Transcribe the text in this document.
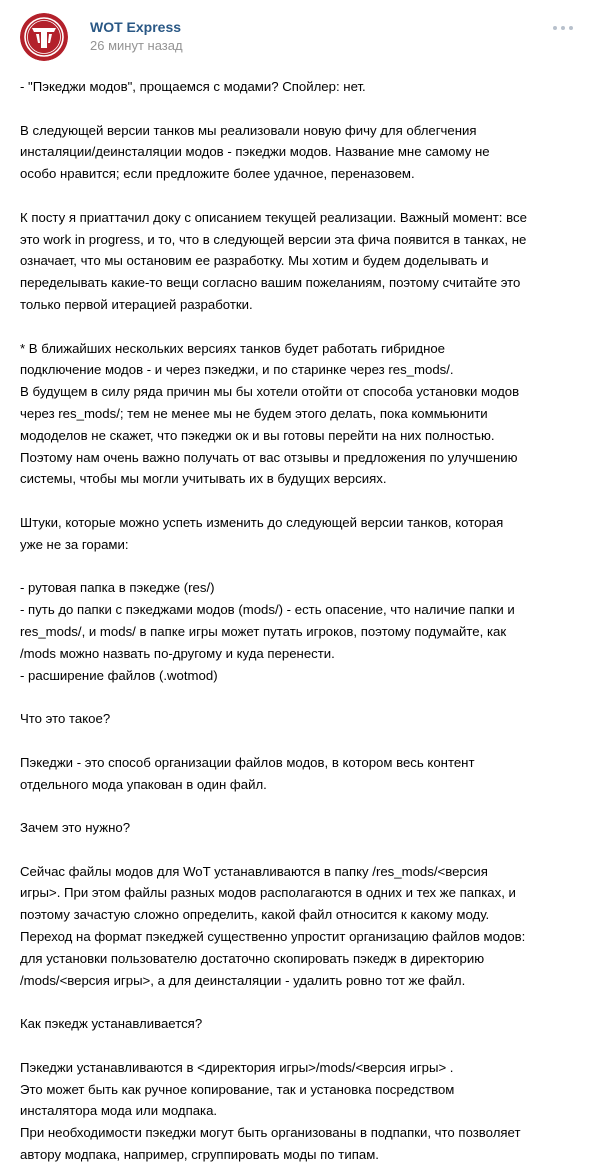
WOT Express
26 минут назад

- "Пэкеджи модов", прощаемся с модами? Спойлер: нет.

В следующей версии танков мы реализовали новую фичу для облегчения
инсталяции/деинсталяции модов - пэкеджи модов. Название мне самому не
особо нравится; если предложите более удачное, переназовем.

К посту я приаттачил доку с описанием текущей реализации. Важный момент: все
это work in progress, и то, что в следующей версии эта фича появится в танках, не
означает, что мы остановим ее разработку. Мы хотим и будем доделывать и
переделывать какие-то вещи согласно вашим пожеланиям, поэтому считайте это
только первой итерацией разработки.

* В ближайших нескольких версиях танков будет работать гибридное
подключение модов - и через пэкеджи, и по старинке через res_mods/.
В будущем в силу ряда причин мы бы хотели отойти от способа установки модов
через res_mods/; тем не менее мы не будем этого делать, пока коммьюнити
мододелов не скажет, что пэкеджи ок и вы готовы перейти на них полностью.
Поэтому нам очень важно получать от вас отзывы и предложения по улучшению
системы, чтобы мы могли учитывать их в будущих версиях.

Штуки, которые можно успеть изменить до следующей версии танков, которая
уже не за горами:

- рутовая папка в пэкедже (res/)
- путь до папки с пэкеджами модов (mods/) - есть опасение, что наличие папки и
res_mods/, и mods/ в папке игры может путать игроков, поэтому подумайте, как
/mods можно назвать по-другому и куда перенести.
- расширение файлов (.wotmod)

Что это такое?

Пэкеджи - это способ организации файлов модов, в котором весь контент
отдельного мода упакован в один файл.

Зачем это нужно?

Сейчас файлы модов для WoT устанавливаются в папку /res_mods/<версия
игры>. При этом файлы разных модов располагаются в одних и тех же папках, и
поэтому зачастую сложно определить, какой файл относится к какому моду.
Переход на формат пэкеджей существенно упростит организацию файлов модов:
для установки пользователю достаточно скопировать пэкедж в директорию
/mods/<версия игры>, а для деинсталяции - удалить ровно тот же файл.

Как пэкедж устанавливается?

Пэкеджи устанавливаются в <директория игры>/mods/<версия игры> .
Это может быть как ручное копирование, так и установка посредством
инсталятора мода или модпака.
При необходимости пэкеджи могут быть организованы в подпапки, что позволяет
автору модпака, например, сгруппировать моды по типам.
